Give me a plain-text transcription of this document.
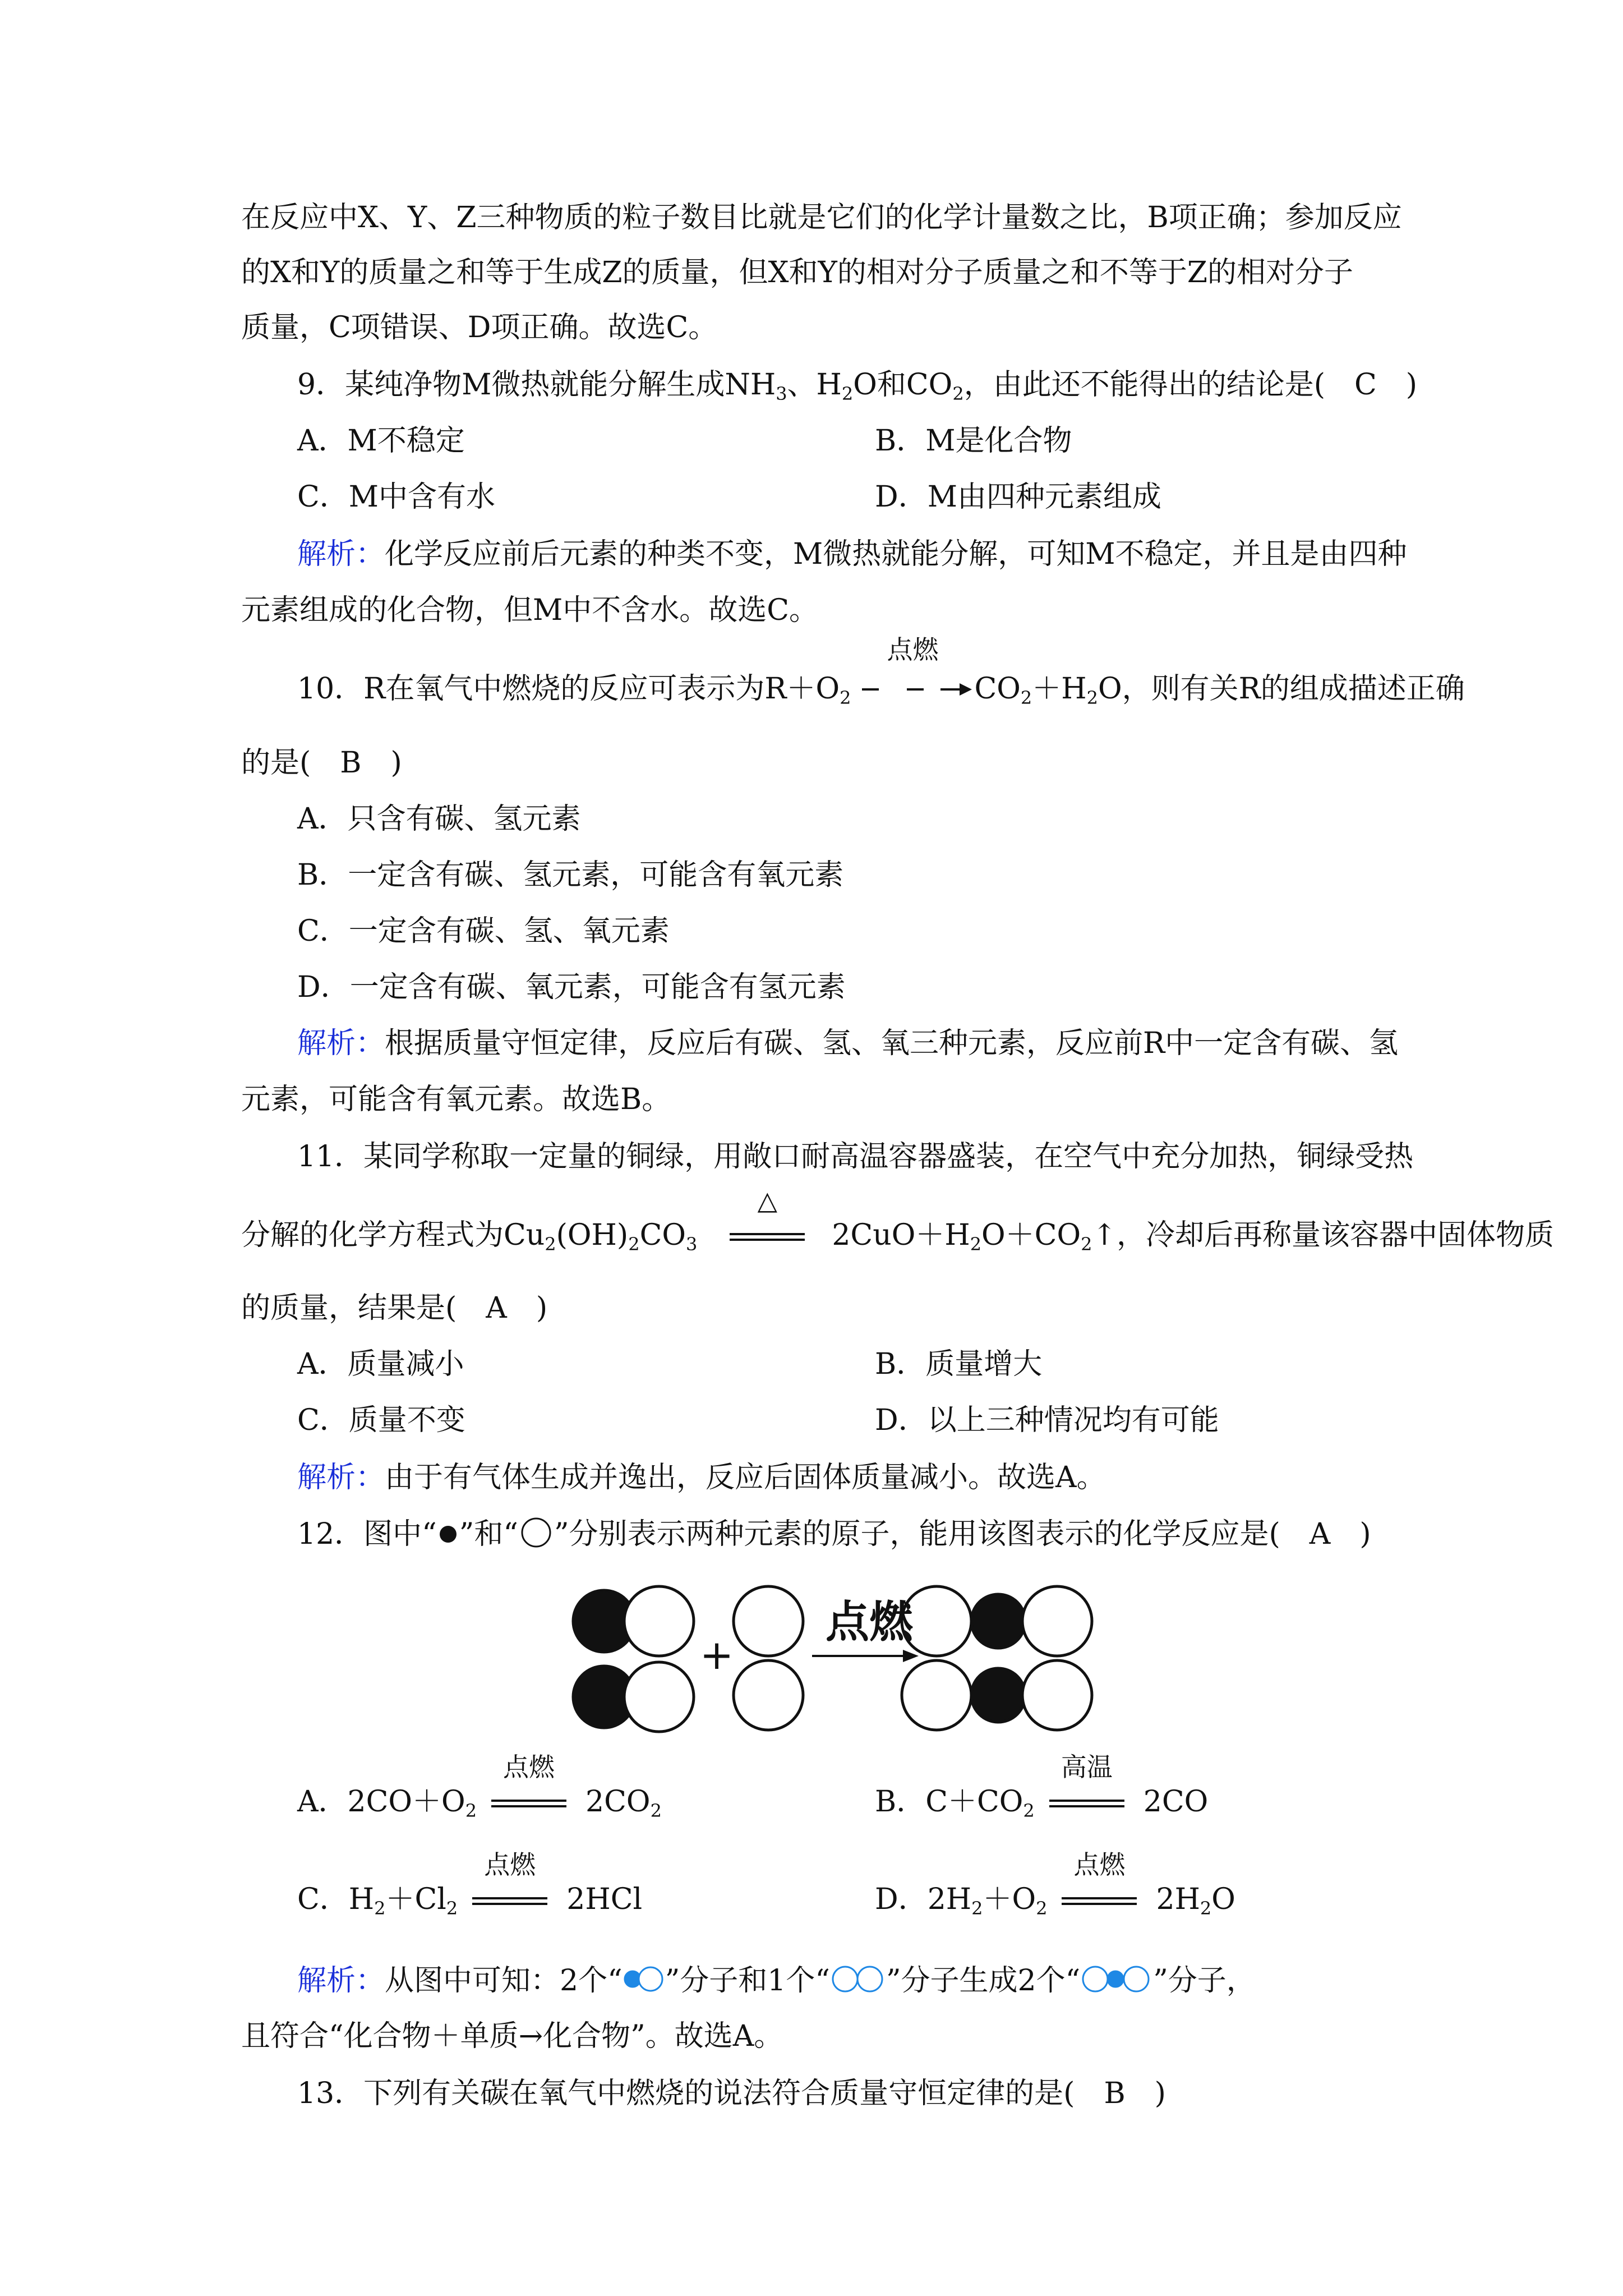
在反应中X、Y、Z三种物质的粒子数目比就是它们的化学计量数之比，B项正确；参加反应
的X和Y的质量之和等于生成Z的质量，但X和Y的相对分子质量之和不等于Z的相对分子
质量，C项错误、D项正确。故选C。
9．某纯净物M微热就能分解生成$NH_3$、$H_2O$和$CO_2$，由此还不能得出的结论是(　C　)
A．M不稳定	B．M是化合物
C．M中含有水	D．M由四种元素组成
解析：化学反应前后元素的种类不变，M微热就能分解，可知M不稳定，并且是由四种
元素组成的化合物，但M中不含水。故选C。
10．R在氧气中燃烧的反应可表示为$R+O_2$
点燃
$CO_2+H_2O$，则有关R的组成描述正确
的是(　B　)
A．只含有碳、氢元素
B．一定含有碳、氢元素，可能含有氧元素
C．一定含有碳、氢、氧元素
D．一定含有碳、氧元素，可能含有氢元素
解析：根据质量守恒定律，反应后有碳、氢、氧三种元素，反应前R中一定含有碳、氢
元素，可能含有氧元素。故选B。
11．某同学称取一定量的铜绿，用敞口耐高温容器盛装，在空气中充分加热，铜绿受热
分解的化学方程式为$Cu_2(OH)_2CO_3$
△
$2CuO+H_2O+CO_2↑$，冷却后再称量该容器中固体物质
的质量，结果是(　A　)
A．质量减小	B．质量增大
C．质量不变	D．以上三种情况均有可能
解析：由于有气体生成并逸出，反应后固体质量减小。故选A。
12．图中“ ”和“ ”分别表示两种元素的原子，能用该图表示的化学反应是(　A　)
+
点燃
A．$2CO+O_2$
点燃
$2CO_2$	B．$C+CO_2$
高温
2CO
C．$H_2+Cl_2$
点燃
2HCl	D．$2H_2+O_2$
点燃
$2H_2O$
解析：从图中可知：2个“ ”分子和1个“ ”分子生成2个“	”分子，
且符合“化合物＋单质→化合物”。故选A。
13．下列有关碳在氧气中燃烧的说法符合质量守恒定律的是(　B　)
